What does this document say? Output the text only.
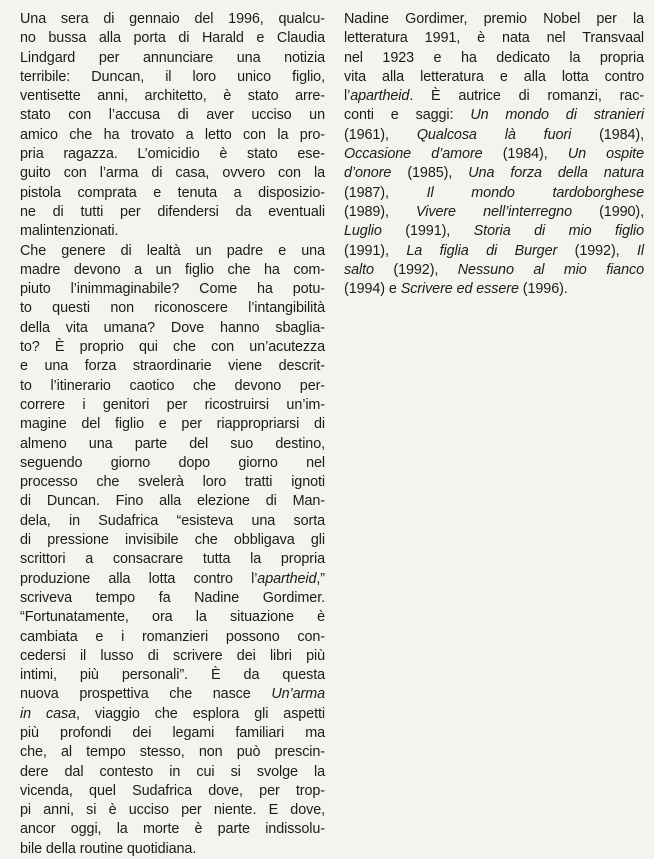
Una sera di gennaio del 1996, qualcu-
no bussa alla porta di Harald e Claudia
Lindgard per annunciare una notizia
terribile: Duncan, il loro unico figlio,
ventisette anni, architetto, è stato arre-
stato con l’accusa di aver ucciso un
amico che ha trovato a letto con la pro-
pria ragazza. L’omicidio è stato ese-
guito con l’arma di casa, ovvero con la
pistola comprata e tenuta a disposizio-
ne di tutti per difendersi da eventuali
malintenzionati.
Che genere di lealtà un padre e una
madre devono a un figlio che ha com-
piuto l’inimmaginabile? Come ha potu-
to questi non riconoscere l’intangibilità
della vita umana? Dove hanno sbaglia-
to? È proprio qui che con un’acutezza
e una forza straordinarie viene descrit-
to l’itinerario caotico che devono per-
correre i genitori per ricostruirsi un’im-
magine del figlio e per riappropriarsi di
almeno una parte del suo destino,
seguendo giorno dopo giorno nel
processo che svelerà loro tratti ignoti
di Duncan. Fino alla elezione di Man-
dela, in Sudafrica “esisteva una sorta
di pressione invisibile che obbligava gli
scrittori a consacrare tutta la propria
produzione alla lotta contro l’apartheid,”
scriveva tempo fa Nadine Gordimer.
“Fortunatamente, ora la situazione è
cambiata e i romanzieri possono con-
cedersi il lusso di scrivere dei libri più
intimi, più personali”. È da questa
nuova prospettiva che nasce Un’arma
in casa, viaggio che esplora gli aspetti
più profondi dei legami familiari ma
che, al tempo stesso, non può prescin-
dere dal contesto in cui si svolge la
vicenda, quel Sudafrica dove, per trop-
pi anni, si è ucciso per niente. E dove,
ancor oggi, la morte è parte indissolu-
bile della routine quotidiana.
Nadine Gordimer, premio Nobel per la
letteratura 1991, è nata nel Transvaal
nel 1923 e ha dedicato la propria
vita alla letteratura e alla lotta contro
l’apartheid. È autrice di romanzi, rac-
conti e saggi: Un mondo di stranieri
(1961), Qualcosa là fuori (1984),
Occasione d’amore (1984), Un ospite
d’onore (1985), Una forza della natura
(1987), Il mondo tardoborghese
(1989), Vivere nell’interregno (1990),
Luglio (1991), Storia di mio figlio
(1991), La figlia di Burger (1992), Il
salto (1992), Nessuno al mio fianco
(1994) e Scrivere ed essere (1996).
